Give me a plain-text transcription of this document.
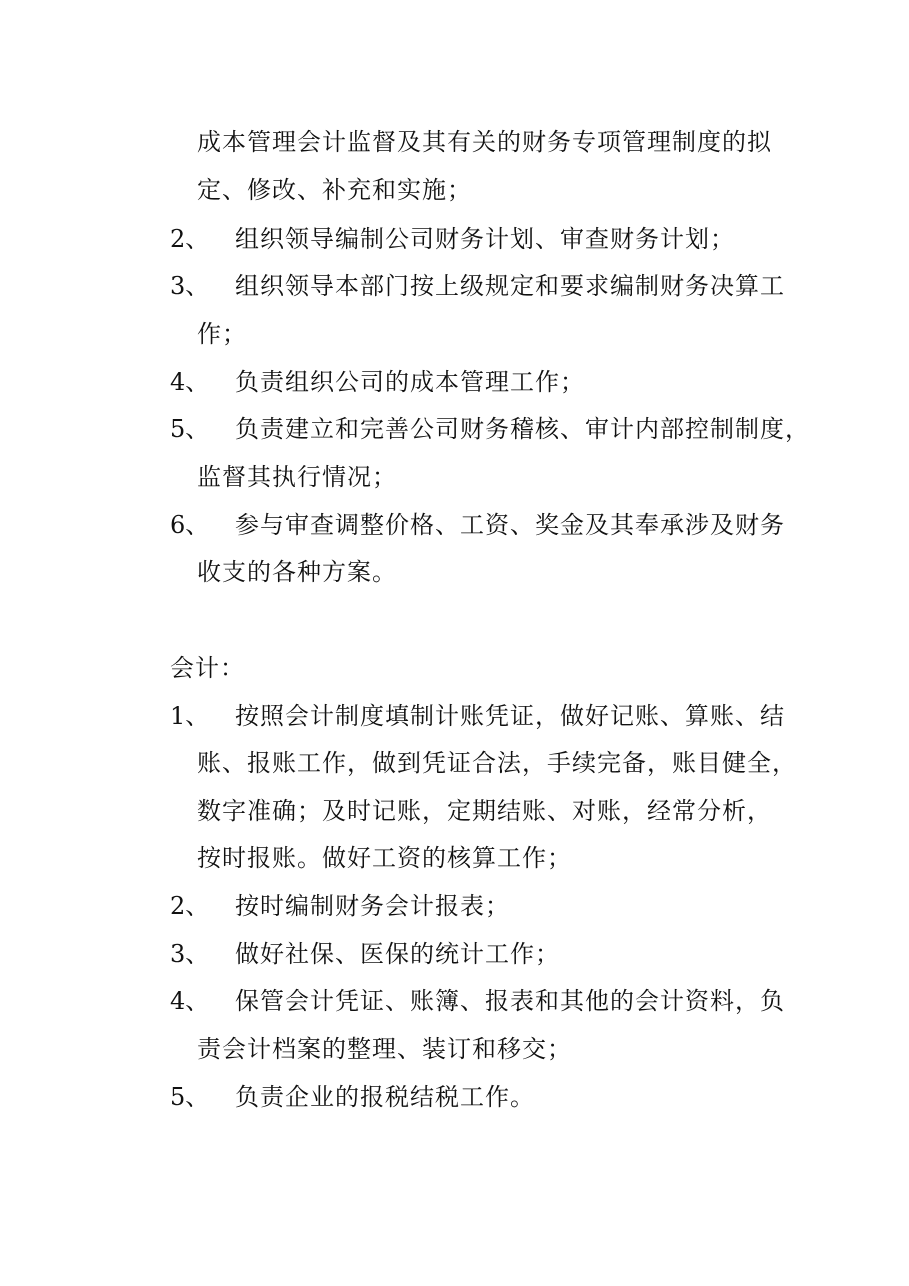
成本管理会计监督及其有关的财务专项管理制度的拟
定、修改、补充和实施；
2、 组织领导编制公司财务计划、审查财务计划；
3、 组织领导本部门按上级规定和要求编制财务决算工
作；
4、 负责组织公司的成本管理工作；
5、 负责建立和完善公司财务稽核、审计内部控制制度，
监督其执行情况；
6、 参与审查调整价格、工资、奖金及其奉承涉及财务
收支的各种方案。
会计：
1、 按照会计制度填制计账凭证，做好记账、算账、结
账、报账工作，做到凭证合法，手续完备，账目健全，
数字准确；及时记账，定期结账、对账，经常分析，
按时报账。做好工资的核算工作；
2、 按时编制财务会计报表；
3、 做好社保、医保的统计工作；
4、 保管会计凭证、账簿、报表和其他的会计资料，负
责会计档案的整理、装订和移交；
5、 负责企业的报税结税工作。
